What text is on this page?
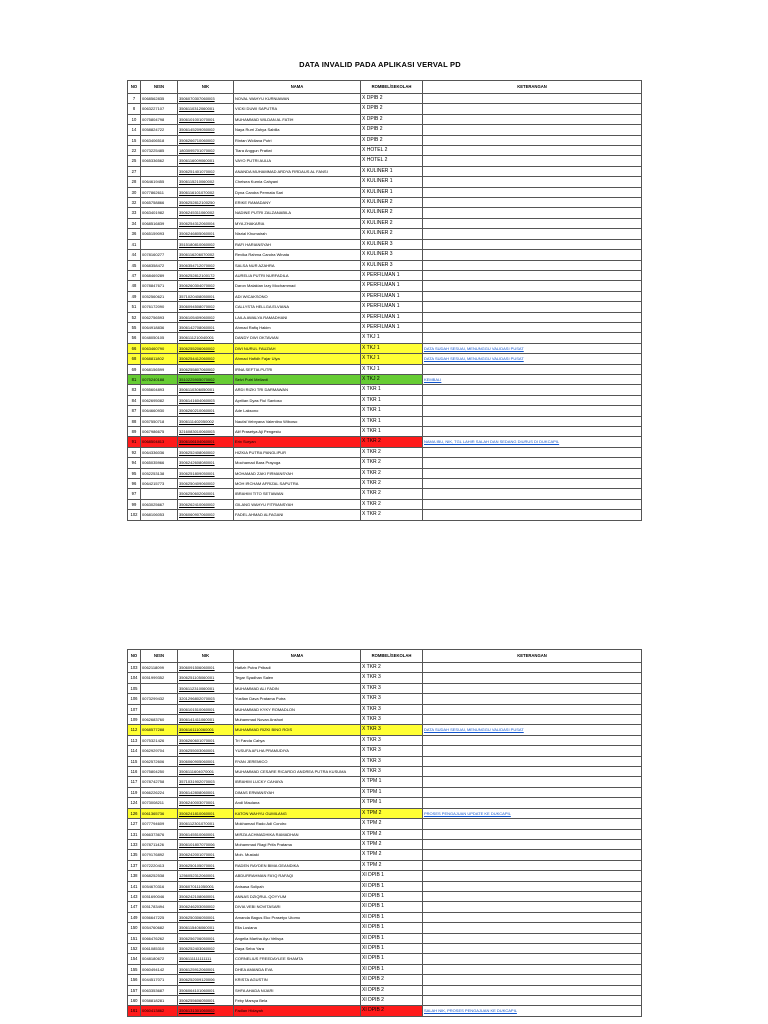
DATA INVALID PADA APLIKASI VERVAL PD
NO	NISN	NIK	NAMA	ROMBEL/SEKOLAH	KETERANGAN
7	0068562835	3506070307060003	NOVAL WAHYU KURNIAWAN	X DPIB 2	
8	0063227107	3506110312060001	VICKI DUWI SAPUTRA	X DPIB 2	
10	0075804798	3506101001070001	MUHAMMAD WILDAN AL FATIH	X DPIB 2	
14	0058824722	3506145209050002	Naya Rurri Zahya Sabilla	X DPIB 2	
15	0063406518	3506266710060002	Rintan Widiana Putri	X DPIB 2	
22	0073225485	1803095701070002	Tiara Anggun Pratiwi	X HOTEL 2	
25	0065336562	3506116009060001	VAYO PUTRI AULIA	X HOTEL 2	
27		3506251401070002	ANANDA MUHAMMAD ARDYA FIRDAUS AL FANSI	X KULINER 1	
28	0064619455	3506115210060002	Chelsea Kurnia Cahyani	X KULINER 1	
30	0077862611	3506116101070002	Dyna Candra Permata Sari	X KULINER 1	
32	0065758866	3506252812100250	ERIKE RAMADANY	X KULINER 2	
33	0063401982	3506245311060002	NADINE PUTRI ZALZANABILA	X KULINER 2	
34	0068516839	3506254312060004	MYA ZHAKARIA	X KULINER 2	
36	0065159093	3506246805060001	Nisrial Khumairah	X KULINER 2	
41		3515180810060002	RAFI HARIANSYAH	X KULINER 3	
44	0078160277	3506116206070002	Revika Rahma Candra Winata	X KULINER 3	
45	0068358472	3506354712070002	SALSA NUR AZAHRA	X KULINER 3	
47	0068469289	3506252812100172	AURELIA PUTRI NURFADILA	X PERFILMAN 1	
48	0078847671	3506260304070002	Daron Malakian Izzy Mochammad	X PERFILMAN 1	
49	0052560621	3571020408050001	ADI WICAKSONO	X PERFILMAN 1	
51	0076172090	3506094508070002	CALLYSTA HELLGA ELVIANA	X PERFILMAN 1	
52	0062756593	3506105409060002	LAILA AWALYA RAMADHANI	X PERFILMAN 1	
55	0064918836	3506142708060001	Ahmad Rafiq Hakim	X PERFILMAN 1	
56	0048050105	3506111210040001	DANDY DWI OKTAVIAN	X TKJ 1	
66	0063460790	3506255206060002	DWI NURUL FAUZIAH	X TKJ 1	DATA SUDAH SESUAI, MENUNGGU VALIDASI PUSAT
68	0068811802	3506254412060002	Ahmad Hafidh Fajar Ulya	X TKJ 1	DATA SUDAH SESUAI, MENUNGGU VALIDASI PUSAT
69	0068156599	3506255807060002	IRNA SEFTIA PUTRI	X TKJ 1	
81	0075240188	3510225905070002	Selvi Putri Melianti	X TKJ 2	KEMBALI
83	0055604893	3506110306050001	ARDI RIZKI TRI DARMAWAN	X TKR 1	
84	0062695082	3506141604060003	Aprilian Dyas Fiul Santoso	X TKR 1	
87	0064660930	3506260210060001	Ade Laksono	X TKR 1	
88	0057550718	3506111402050002	Naufal Vebryana Valentino Wibowo	X TKR 1	
89	0067986675	3216083010060003	Alif Prasetya Aji Pengestu	X TKR 1	
91	0068504813	3506106104060001	Erix Suryan	X TKR 2	NAMA IBU, NIK, TGL LAHIR SALAH DAN SEDANG DIURUS DI DUKCAPIL
92	0064336036	3506252408060002	HIZKIA PUTRA PANGLIPUR	X TKR 2	
94	0065035966	3506242608080001	Mochamad Bara Prayoga	X TKR 2	
95	0052253138	3506251809050001	MOHAMAD ZAKI FIRMANSYAH	X TKR 2	
96	0064215773	3506250409060002	MOH IRCHAM AFRIZAL SAPUTRA	X TKR 2	
97		3506250602060001	IBRAHIM TITO SETIAWAN	X TKR 2	
99	0063025667	3506262410060002	GILANG WAHYU FITRIANSYAH	X TKR 2	
102	0068106053	3506060907060002	FADEL AHMAD ALFAGANI	X TKR 2	
NO	NISN	NIK	NAMA	ROMBEL/SEKOLAH	KETERANGAN
103	0062118099	3506091506060001	Hafizh Putra Pribadi	X TKR 2	
104	0051999352	3506251105060001	Tegar Syadhan Salen	X TKR 3	
105		3506112310060001	MUHAMMAD ALI FADIN	X TKR 3	
106	0073299432	3201296802070003	Yusfian Dava Pratama Putra	X TKR 3	
107		3506101510060001	MUHAMMAD KYKY ROMADLON	X TKR 3	
109	0062683760	3506141411060001	Muhammad Novan Anshori	X TKR 3	
112	0068577288	3506161110060001	MUHAMMAD RIZKI BINO ROIS	X TKR 3	DATA SUDAH SESUAI, MENUNGGU VALIDASI PUSAT
113	0075321426	3506260601070001	Tri Fanda Cahya	X TKR 3	
114	0062929704	3506255003060001	YUSUFA AFLHA PRAMUDIYA	X TKR 3	
115	0062572606	3506060905060001	RYAN JEREMICO	X TKR 3	
116	0075804250	3506111604070001	MUHAMMAD CESARE RICARDO ANDREA PUTRA KUSUMA	X TKR 3	
117	0078742758	3571031902070003	IBRAHIM LUCKY CAHAYA	X TPM 1	
119	0066226224	3506142808060001	DIMAS ERWANSYAH	X TPM 1	
124	0073008211	3506240003070001	Andi Maulana	X TPM 1	
126	0061365736	3506241810060001	KATON WAHYU GUMILANG	X TPM 2	PROSES PENGAJUAN UPDATE KE DUKCAPIL
127	0077794609	3506112301070001	Mokhamad Rado Adi Condro	X TPM 2	
131	0066373676	3506145510060001	MIRZA ACHMADHIKA RAMADHAN	X TPM 2	
133	0078711426	3506101807070006	Mohammad Riagi Prifa Pratama	X TPM 2	
135	0079176892	3506242001070001	Moh. Mustaki	X TPM 2	
137	0072220413	3506250105070001	RADEN RAYDEN BIMA GEANDIKA	X TPM 2	
138	0068252538	1256052312060001	ABDURRAHMAN FA'IQ RAFAQI	XI DPIB 1	
141	0054670316	3506070111050001	Anisasa Solipah	XI DPIB 1	
143	0051690046	3506242108060001	ANNAS DZIQRUL QOYYUM	XI DPIB 1	
147	0051783494	3506246203050002	DIVIA VEBI NOVITASARI	XI DPIB 1	
149	0056647225	3506250306050001	Amanda Bagus Eko Prasetyo Utomo	XI DPIB 1	
150	0054760682	3506115406060001	Ella Lusiana	XI DPIB 1	
151	0066476262	3506256706050001	Angelia Martha Ayu Velisya	XI DPIB 1	
152	0061085310	3506252403060002	Daya Seba Yara	XI DPIB 1	
154	0048180672	3506111111111111	CORNELIUS FREEDAYLEE SHAMTA	XI DPIB 1	
155	0060494142	3506125912060001	DHEA AMANDA EVA	XI DPIB 1	
156	0044517071	3506252009120006	KRISTA AGUSTIN	XI DPIB 2	
157	0063353687	3506064101060001	SHFA AHADA NIJARI	XI DPIB 2	
160	0058818281	3506255606050001	Feby Marsya Bela	XI DPIB 2	
161	0060413862	3506131301060002	Fadlan Hidayah	XI DPIB 2	SALAH NIK, PROSES PENGAJUAN KE DUKCAPIL
